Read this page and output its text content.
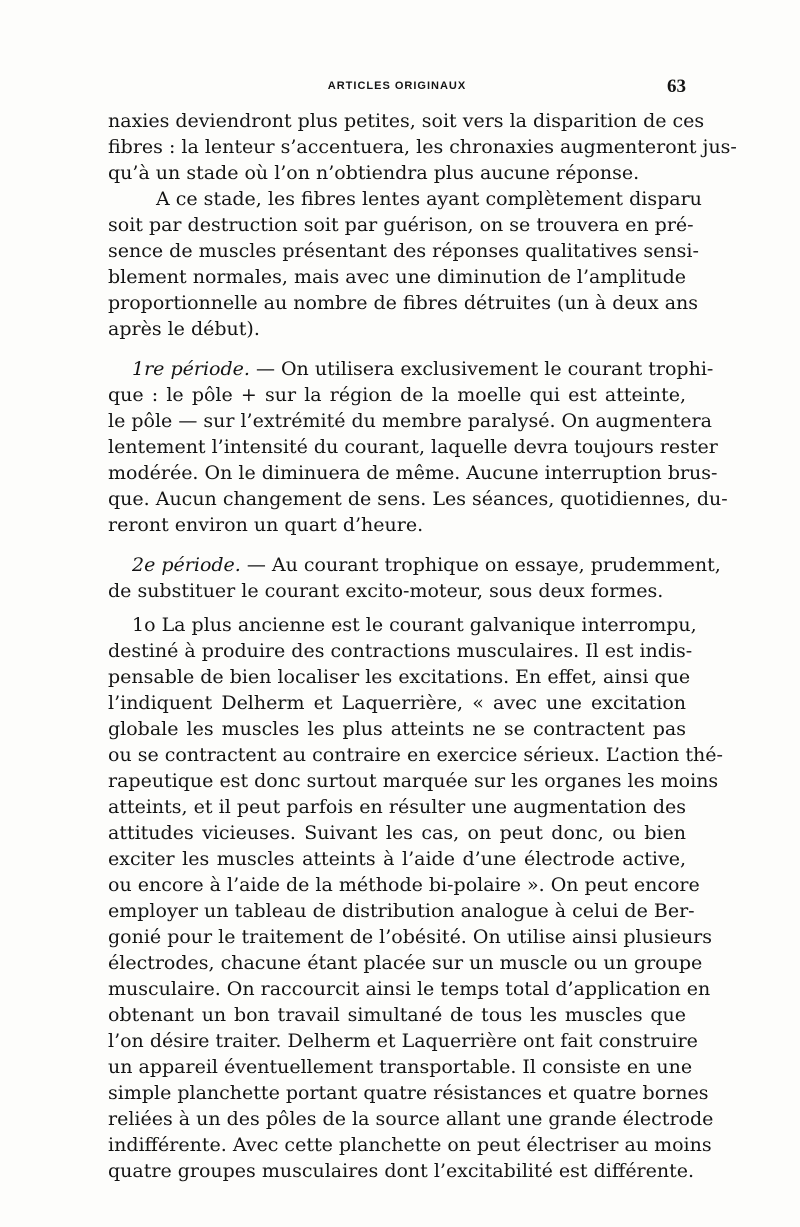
ARTICLES ORIGINAUX	63

naxies deviendront plus petites, soit vers la disparition de ces
fibres : la lenteur s’accentuera, les chronaxies augmenteront jus-
qu’à un stade où l’on n’obtiendra plus aucune réponse.

A ce stade, les fibres lentes ayant complètement disparu
soit par destruction soit par guérison, on se trouvera en pré-
sence de muscles présentant des réponses qualitatives sensi-
blement normales, mais avec une diminution de l’amplitude
proportionnelle au nombre de fibres détruites (un à deux ans
après le début).

1re période. — On utilisera exclusivement le courant trophi-
que : le pôle + sur la région de la moelle qui est atteinte,
le pôle — sur l’extrémité du membre paralysé. On augmentera
lentement l’intensité du courant, laquelle devra toujours rester
modérée. On le diminuera de même. Aucune interruption brus-
que. Aucun changement de sens. Les séances, quotidiennes, du-
reront environ un quart d’heure.

2e période. — Au courant trophique on essaye, prudemment,
de substituer le courant excito-moteur, sous deux formes.

1o La plus ancienne est le courant galvanique interrompu,
destiné à produire des contractions musculaires. Il est indis-
pensable de bien localiser les excitations. En effet, ainsi que
l’indiquent Delherm et Laquerrière, « avec une excitation
globale les muscles les plus atteints ne se contractent pas
ou se contractent au contraire en exercice sérieux. L’action thé-
rapeutique est donc surtout marquée sur les organes les moins
atteints, et il peut parfois en résulter une augmentation des
attitudes vicieuses. Suivant les cas, on peut donc, ou bien
exciter les muscles atteints à l’aide d’une électrode active,
ou encore à l’aide de la méthode bi-polaire ». On peut encore
employer un tableau de distribution analogue à celui de Ber-
gonié pour le traitement de l’obésité. On utilise ainsi plusieurs
électrodes, chacune étant placée sur un muscle ou un groupe
musculaire. On raccourcit ainsi le temps total d’application en
obtenant un bon travail simultané de tous les muscles que
l’on désire traiter. Delherm et Laquerrière ont fait construire
un appareil éventuellement transportable. Il consiste en une
simple planchette portant quatre résistances et quatre bornes
reliées à un des pôles de la source allant une grande électrode
indifférente. Avec cette planchette on peut électriser au moins
quatre groupes musculaires dont l’excitabilité est différente.
